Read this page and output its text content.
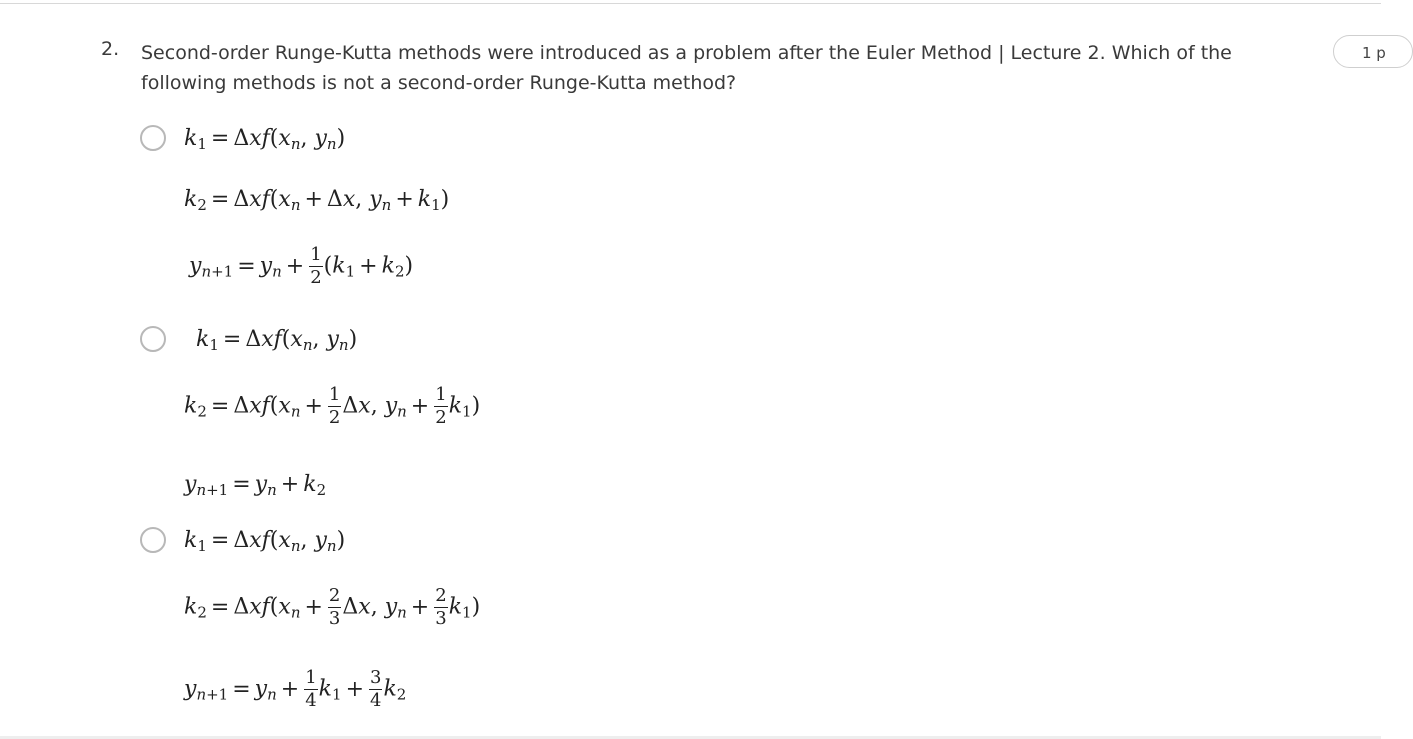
2. Second-order Runge-Kutta methods were introduced as a problem after the Euler Method | Lecture 2. Which of the following methods is not a second-order Runge-Kutta method?
1 p
$k_1 = \Delta xf(x_n$, $y_n$)
$k_2 = \Delta xf(x_n + \Delta x$, $y_n + k_1$)
$y_{n+1} = y_n + \frac{1}{2} (k_1 + k_2)$
$k_1 = \Delta xf(x_n$, $y_n$)
$k_2 = \Delta xf(x_n + \frac{1}{2} \Delta x$, $y_n + \frac{1}{2} k_1$)
$y_{n+1} = y_n + k_2$
$k_1 = \Delta xf(x_n$, $y_n$)
$k_2 = \Delta xf(x_n + \frac{2}{3} \Delta x$, $y_n + \frac{2}{3} k_1$)
$y_{n+1} = y_n + \frac{1}{4} k_1 + \frac{3}{4} k_2$
